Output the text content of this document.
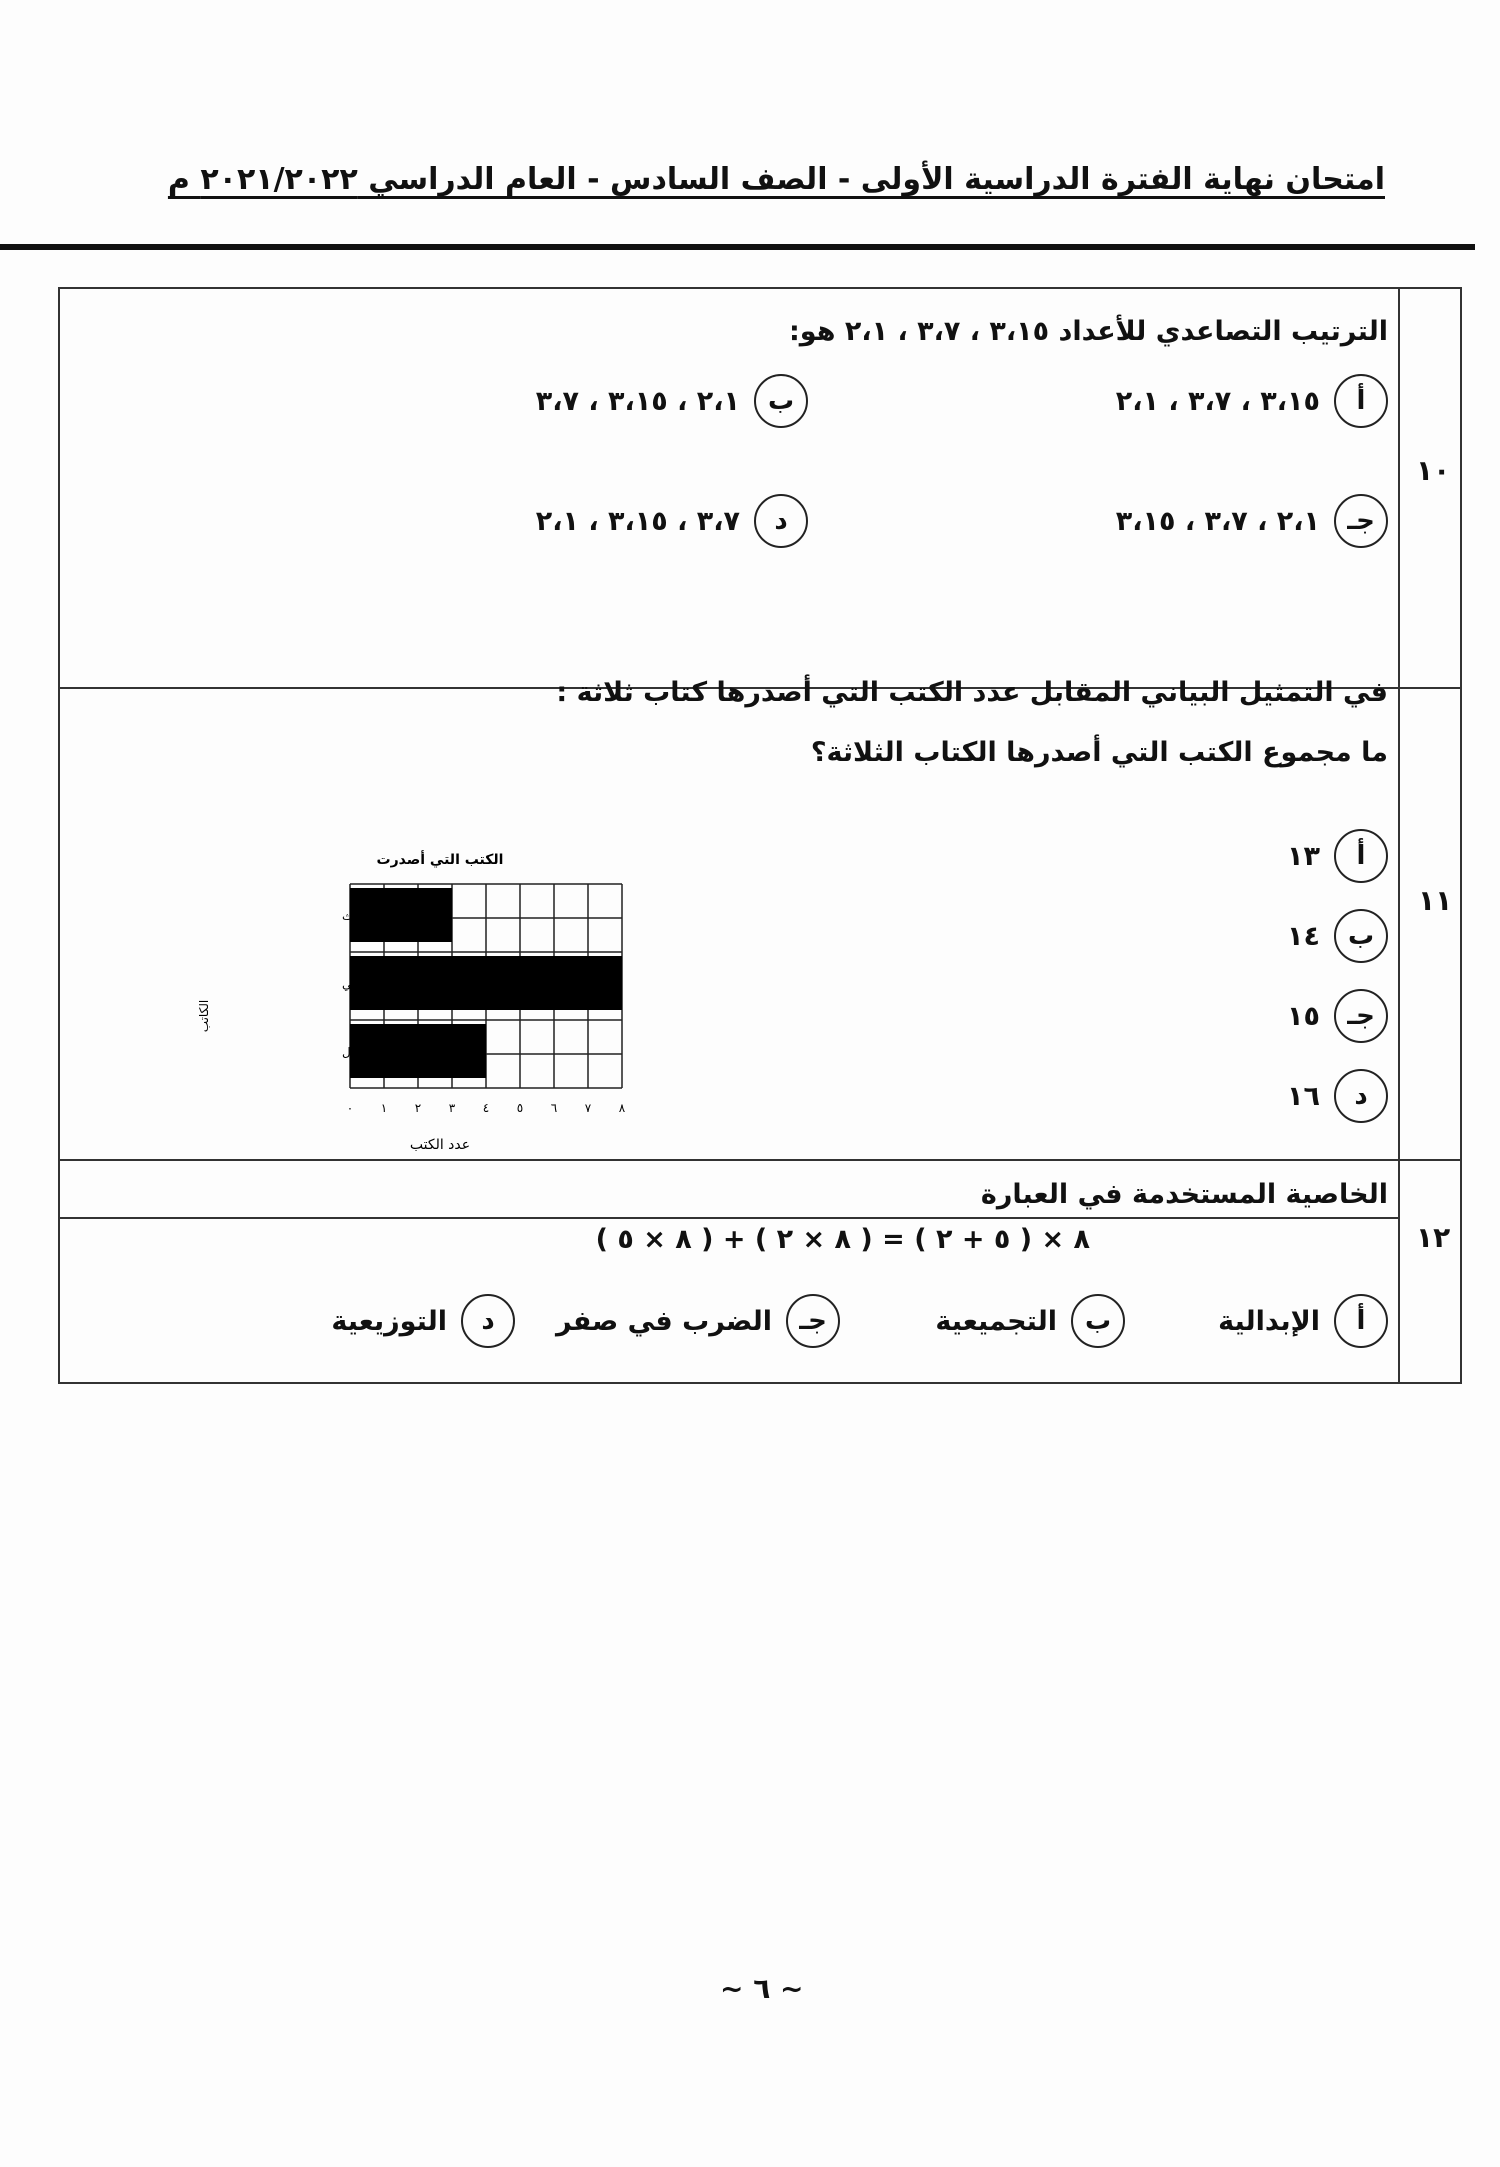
امتحان نهاية الفترة الدراسية الأولى - الصف السادس - العام الدراسي ٢٠٢١/٢٠٢٢ م
١٠
الترتيب التصاعدي للأعداد ٣،١٥ ، ٣،٧ ، ٢،١ هو:
أ
٣،١٥ ، ٣،٧ ، ٢،١
ب
٢،١ ، ٣،١٥ ، ٣،٧
جـ
٢،١ ، ٣،٧ ، ٣،١٥
د
٣،٧ ، ٣،١٥ ، ٢،١
١١
في التمثيل البياني المقابل عدد الكتب التي أصدرها كتاب ثلاثة :
ما مجموع الكتب التي أصدرها الكتاب الثلاثة؟
أ
١٣
ب
١٤
جـ
١٥
د
١٦
الكتب التي أصدرت
عدد الكتب
الكاتب
الكاتب الثالث
الكاتب الثاني
الكاتب الأول
٠ ١ ٢ ٣ ٤ ٥ ٦ ٧ ٨
١٢
الخاصية المستخدمة في العبارة
( ٨ × ٥ ) + ( ٨ × ٢ ) = ( ٥ + ٢ ) × ٨
أ
الإبدالية
ب
التجميعية
جـ
الضرب في صفر
د
التوزيعية
~ ٦ ~
